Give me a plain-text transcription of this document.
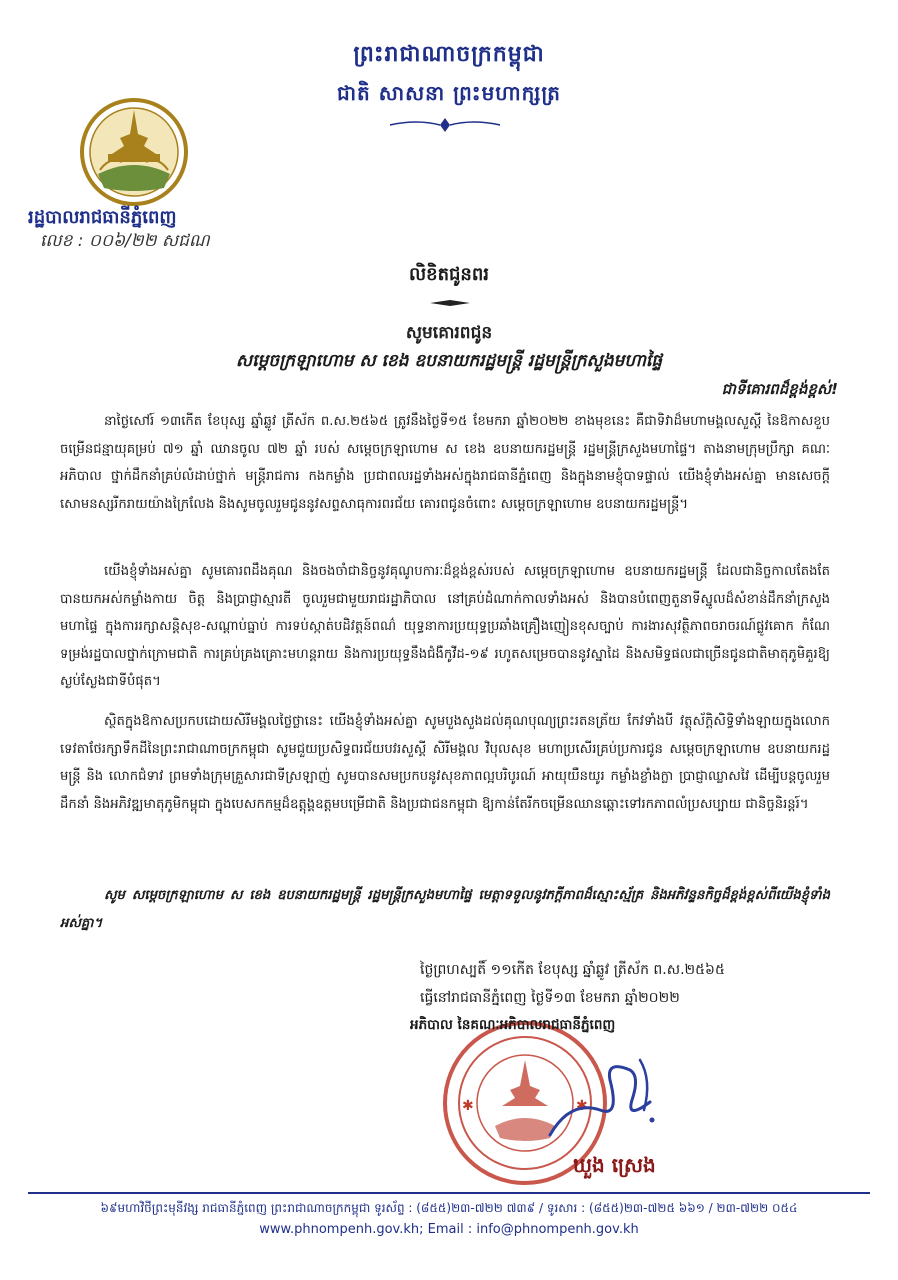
ព្រះរាជាណាចក្រកម្ពុជា
ជាតិ សាសនា ព្រះមហាក្សត្រ
រដ្ឋបាលរាជធានីភ្នំពេញ
លេខ : ០០៦/២២ សជណ
លិខិតជូនពរ
សូមគោរពជូន
សម្ដេចក្រឡាហោម ស ខេង ឧបនាយករដ្ឋមន្ត្រី រដ្ឋមន្ត្រីក្រសួងមហាផ្ទៃ
ជាទីគោរពដ៏ខ្ពង់ខ្ពស់!

នាថ្ងៃសៅរ៍ ១៣កើត ខែបុស្ស ឆ្នាំឆ្លូវ ត្រីស័ក ព.ស.២៥៦៥ ត្រូវនឹងថ្ងៃទី១៥ ខែមករា ឆ្នាំ២០២២ ខាងមុខនេះ គឺជាទិវាដ៏មហាមង្គលសួស្ដី នៃឱកាសខួបចម្រើនជន្មាយុគម្រប់ ៧១ ឆ្នាំ ឈានចូល ៧២ ឆ្នាំ របស់ សម្ដេចក្រឡាហោម ស ខេង ឧបនាយករដ្ឋមន្ត្រី រដ្ឋមន្ត្រីក្រសួងមហាផ្ទៃ។ តាងនាមក្រុមប្រឹក្សា គណៈអភិបាល ថ្នាក់ដឹកនាំគ្រប់លំដាប់ថ្នាក់ មន្ត្រីរាជការ កងកម្លាំង ប្រជាពលរដ្ឋទាំងអស់ក្នុងរាជធានីភ្នំពេញ និងក្នុងនាមខ្ញុំបាទផ្ទាល់ យើងខ្ញុំទាំងអស់គ្នា មានសេចក្ដីសោមនស្សរីករាយយ៉ាងក្រៃលែង និងសូមចូលរួមជូននូវសព្ទសាធុការពរជ័យ គោរពជូនចំពោះ សម្ដេចក្រឡាហោម ឧបនាយករដ្ឋមន្ត្រី។

យើងខ្ញុំទាំងអស់គ្នា សូមគោរពដឹងគុណ និងចងចាំជានិច្ចនូវគុណូបការៈដ៏ខ្ពង់ខ្ពស់របស់ សម្ដេចក្រឡាហោម ឧបនាយករដ្ឋមន្ត្រី ដែលជានិច្ចកាលតែងតែបានយកអស់កម្លាំងកាយ ចិត្ត និងប្រាជ្ញាស្មារតី ចូលរួមជាមួយរាជរដ្ឋាភិបាល នៅគ្រប់ដំណាក់កាលទាំងអស់ និងបានបំពេញតួនាទីស្នូលដ៏សំខាន់ដឹកនាំក្រសួងមហាផ្ទៃ ក្នុងការរក្សាសន្តិសុខ-សណ្ដាប់ធ្នាប់ ការទប់ស្កាត់បដិវត្តន៍ពណ៌ យុទ្ធនាការប្រយុទ្ធប្រឆាំងគ្រឿងញៀនខុសច្បាប់ ការងារសុវត្ថិភាពចរាចរណ៍ផ្លូវគោក កំណែទម្រង់រដ្ឋបាលថ្នាក់ក្រោមជាតិ ការគ្រប់គ្រងគ្រោះមហន្តរាយ និងការប្រយុទ្ធនឹងជំងឺកូវីដ-១៩ រហូតសម្រេចបាននូវស្នាដៃ និងសមិទ្ធផលជាច្រើនជូនជាតិមាតុភូមិគួរឱ្យស្ងប់ស្ងែងជាទីបំផុត។

ស្ថិតក្នុងឱកាសប្រកបដោយសិរីមង្គលថ្លៃថ្លានេះ យើងខ្ញុំទាំងអស់គ្នា សូមបួងសួងដល់គុណបុណ្យព្រះរតនត្រ័យ កែវទាំងបី វត្ថុស័ក្ដិសិទ្ធិទាំងឡាយក្នុងលោក ទេវតាថែរក្សាទឹកដីនៃព្រះរាជាណាចក្រកម្ពុជា សូមជួយប្រសិទ្ធពរជ័យបវរសួស្ដី សិរីមង្គល វិបុលសុខ មហាប្រសើរគ្រប់ប្រការជូន សម្ដេចក្រឡាហោម ឧបនាយករដ្ឋមន្ត្រី និង លោកជំទាវ ព្រមទាំងក្រុមគ្រួសារជាទីស្រឡាញ់ សូមបានសមប្រកបនូវសុខភាពល្អបរិបូរណ៍ អាយុយឺនយូរ កម្លាំងខ្លាំងក្លា ប្រាជ្ញាឈ្លាសវៃ ដើម្បីបន្តចូលរួមដឹកនាំ និងអភិវឌ្ឍមាតុភូមិកម្ពុជា ក្នុងបេសកកម្មដ៏ឧត្ដុង្គឧត្ដមបម្រើជាតិ និងប្រជាជនកម្ពុជា ឱ្យកាន់តែរីកចម្រើនឈានឆ្ពោះទៅរកភាពលំប្រសប្បាយ ជានិច្ចនិរន្តរ៍។

សូម សម្ដេចក្រឡាហោម ស ខេង ឧបនាយករដ្ឋមន្ត្រី រដ្ឋមន្ត្រីក្រសួងមហាផ្ទៃ មេត្តាទទួលនូវភក្ដីភាពដ៏ស្មោះស្ម័គ្រ និងអភិវន្ទនកិច្ចដ៏ខ្ពង់ខ្ពស់ពីយើងខ្ញុំទាំងអស់គ្នា។

ថ្ងៃព្រហស្បតិ៍ ១១កើត ខែបុស្ស ឆ្នាំឆ្លូវ ត្រីស័ក ព.ស.២៥៦៥
ធ្វើនៅរាជធានីភ្នំពេញ ថ្ងៃទី១៣ ខែមករា ឆ្នាំ២០២២
✱	✱
អភិបាល នៃគណៈអភិបាលរាជធានីភ្នំពេញ
ឃួង ស្រេង
៦៩មហាវិថីព្រះមុនីវង្ស រាជធានីភ្នំពេញ ព្រះរាជាណាចក្រកម្ពុជា ទូរស័ព្ទ : (៨៥៥)២៣-៧២២ ៧៣៩ / ទូរសារ : (៨៥៥)២៣-៧២៥ ៦៦១ / ២៣-៧២២ ០៥៤
www.phnompenh.gov.kh; Email : info@phnompenh.gov.kh
